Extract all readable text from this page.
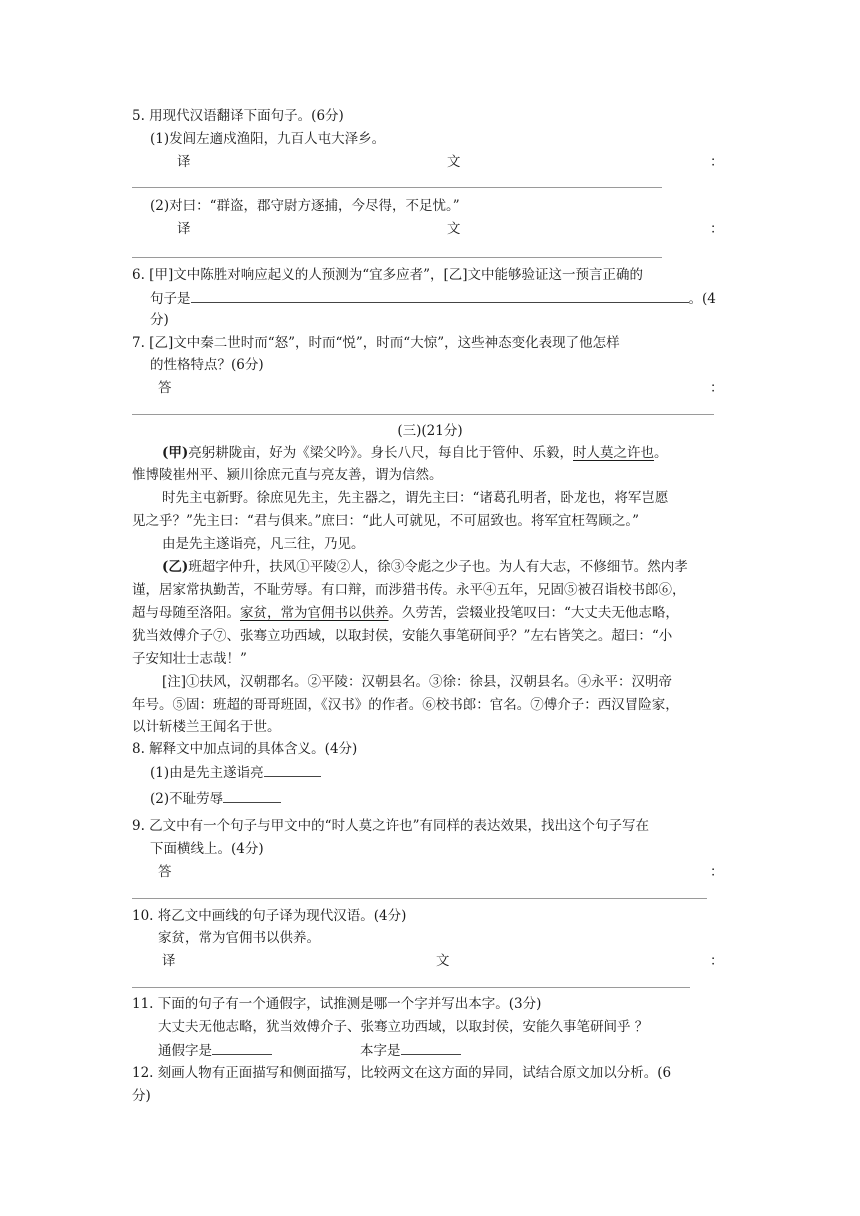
5. 用现代汉语翻译下面句子。(6分)
(1)发闾左適戍渔阳，九百人屯大泽乡。
译	文	：
(2)对曰：“群盗，郡守尉方逐捕，今尽得，不足忧。”
译	文	：
6. [甲]文中陈胜对响应起义的人预测为“宜多应者”，[乙]文中能够验证这一预言正确的
句子是	。(4
分)
7. [乙]文中秦二世时而“怒”，时而“悦”，时而“大惊”，这些神态变化表现了他怎样
的性格特点？(6分)
答	：
(三)(21分)
(甲)亮躬耕陇亩，好为《梁父吟》。身长八尺，每自比于管仲、乐毅，时人莫之许也。
惟博陵崔州平、颍川徐庶元直与亮友善，谓为信然。
时先主屯新野。徐庶见先主，先主器之，谓先主曰：“诸葛孔明者，卧龙也，将军岂愿
见之乎？”先主曰：“君与俱来。”庶曰：“此人可就见，不可屈致也。将军宜枉驾顾之。”
由是先主遂诣亮，凡三往，乃见。
(乙)班超字仲升，扶风①平陵②人，徐③令彪之少子也。为人有大志，不修细节。然内孝
谨，居家常执勤苦，不耻劳辱。有口辩，而涉猎书传。永平④五年，兄固⑤被召诣校书郎⑥，
超与母随至洛阳。家贫，常为官佣书以供养。久劳苦，尝辍业投笔叹曰：“大丈夫无他志略，
犹当效傅介子⑦、张骞立功西域，以取封侯，安能久事笔研间乎？”左右皆笑之。超曰：“小
子安知壮士志哉！”
[注]①扶风，汉朝郡名。②平陵：汉朝县名。③徐：徐县，汉朝县名。④永平：汉明帝
年号。⑤固：班超的哥哥班固，《汉书》的作者。⑥校书郎：官名。⑦傅介子：西汉冒险家，
以计斩楼兰王闻名于世。
8. 解释文中加点词的具体含义。(4分)
(1)由是先主遂诣亮
(2)不耻劳辱
9. 乙文中有一个句子与甲文中的“时人莫之许也”有同样的表达效果，找出这个句子写在
下面横线上。(4分)
答	：
10. 将乙文中画线的句子译为现代汉语。(4分)
家贫，常为官佣书以供养。
译	文	：
11. 下面的句子有一个通假字，试推测是哪一个字并写出本字。(3分)
大丈夫无他志略，犹当效傅介子、张骞立功西域，以取封侯，安能久事笔研间乎 ？
通假字是	本字是
12. 刻画人物有正面描写和侧面描写，比较两文在这方面的异同，试结合原文加以分析。(6
分)
